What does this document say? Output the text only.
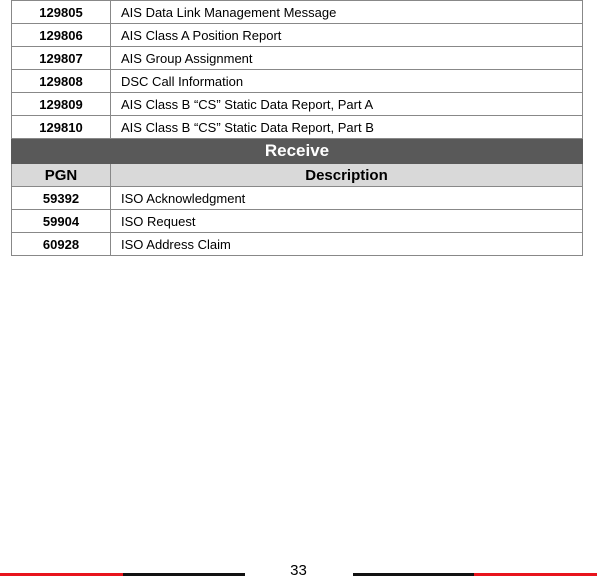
129805	AIS Data Link Management Message
129806	AIS Class A Position Report
129807	AIS Group Assignment
129808	DSC Call Information
129809	AIS Class B “CS” Static Data Report, Part A
129810	AIS Class B “CS” Static Data Report, Part B
Receive	
PGN	Description
59392	ISO Acknowledgment
59904	ISO Request
60928	ISO Address Claim
33
